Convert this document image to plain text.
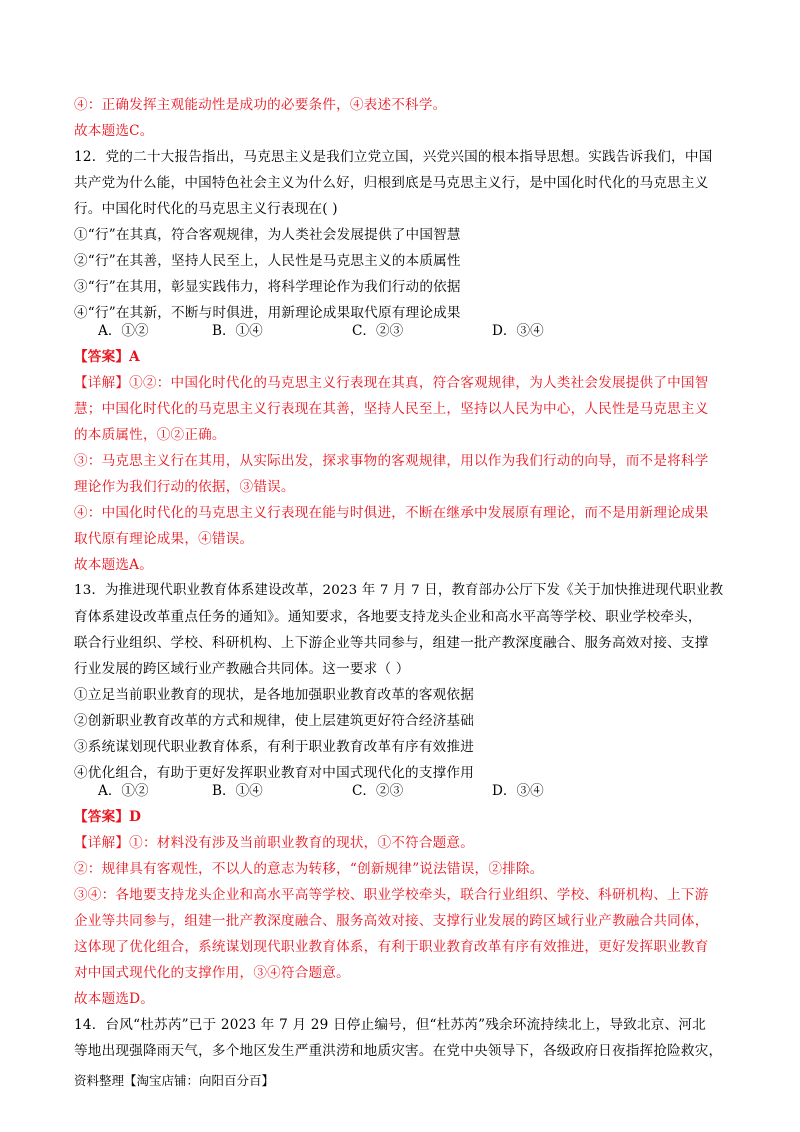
④：正确发挥主观能动性是成功的必要条件，④表述不科学。
故本题选C。
12．党的二十大报告指出，马克思主义是我们立党立国，兴党兴国的根本指导思想。实践告诉我们，中国
共产党为什么能，中国特色社会主义为什么好，归根到底是马克思主义行，是中国化时代化的马克思主义
行。中国化时代化的马克思主义行表现在( )
①“行”在其真，符合客观规律，为人类社会发展提供了中国智慧
②“行”在其善，坚持人民至上，人民性是马克思主义的本质属性
③“行”在其用，彰显实践伟力，将科学理论作为我们行动的依据
④“行”在其新，不断与时俱进，用新理论成果取代原有理论成果
A．①②	B．①④	C．②③	D．③④
【答案】A
【详解】①②：中国化时代化的马克思主义行表现在其真，符合客观规律，为人类社会发展提供了中国智
慧；中国化时代化的马克思主义行表现在其善，坚持人民至上，坚持以人民为中心，人民性是马克思主义
的本质属性，①②正确。
③：马克思主义行在其用，从实际出发，探求事物的客观规律，用以作为我们行动的向导，而不是将科学
理论作为我们行动的依据，③错误。
④：中国化时代化的马克思主义行表现在能与时俱进，不断在继承中发展原有理论，而不是用新理论成果
取代原有理论成果，④错误。
故本题选A。
13．为推进现代职业教育体系建设改革，2023 年 7 月 7 日，教育部办公厅下发《关于加快推进现代职业教
育体系建设改革重点任务的通知》。通知要求，各地要支持龙头企业和高水平高等学校、职业学校牵头，
联合行业组织、学校、科研机构、上下游企业等共同参与，组建一批产教深度融合、服务高效对接、支撑
行业发展的跨区域行业产教融合共同体。这一要求（ ）
①立足当前职业教育的现状，是各地加强职业教育改革的客观依据
②创新职业教育改革的方式和规律，使上层建筑更好符合经济基础
③系统谋划现代职业教育体系，有利于职业教育改革有序有效推进
④优化组合，有助于更好发挥职业教育对中国式现代化的支撑作用
A．①②	B．①④	C．②③	D．③④
【答案】D
【详解】①：材料没有涉及当前职业教育的现状，①不符合题意。
②：规律具有客观性，不以人的意志为转移，“创新规律”说法错误，②排除。
③④：各地要支持龙头企业和高水平高等学校、职业学校牵头，联合行业组织、学校、科研机构、上下游
企业等共同参与，组建一批产教深度融合、服务高效对接、支撑行业发展的跨区域行业产教融合共同体，
这体现了优化组合，系统谋划现代职业教育体系，有利于职业教育改革有序有效推进，更好发挥职业教育
对中国式现代化的支撑作用，③④符合题意。
故本题选D。
14．台风“杜苏芮”已于 2023 年 7 月 29 日停止编号，但“杜苏芮”残余环流持续北上，导致北京、河北
等地出现强降雨天气，多个地区发生严重洪涝和地质灾害。在党中央领导下，各级政府日夜指挥抢险救灾，
资料整理【淘宝店铺：向阳百分百】
